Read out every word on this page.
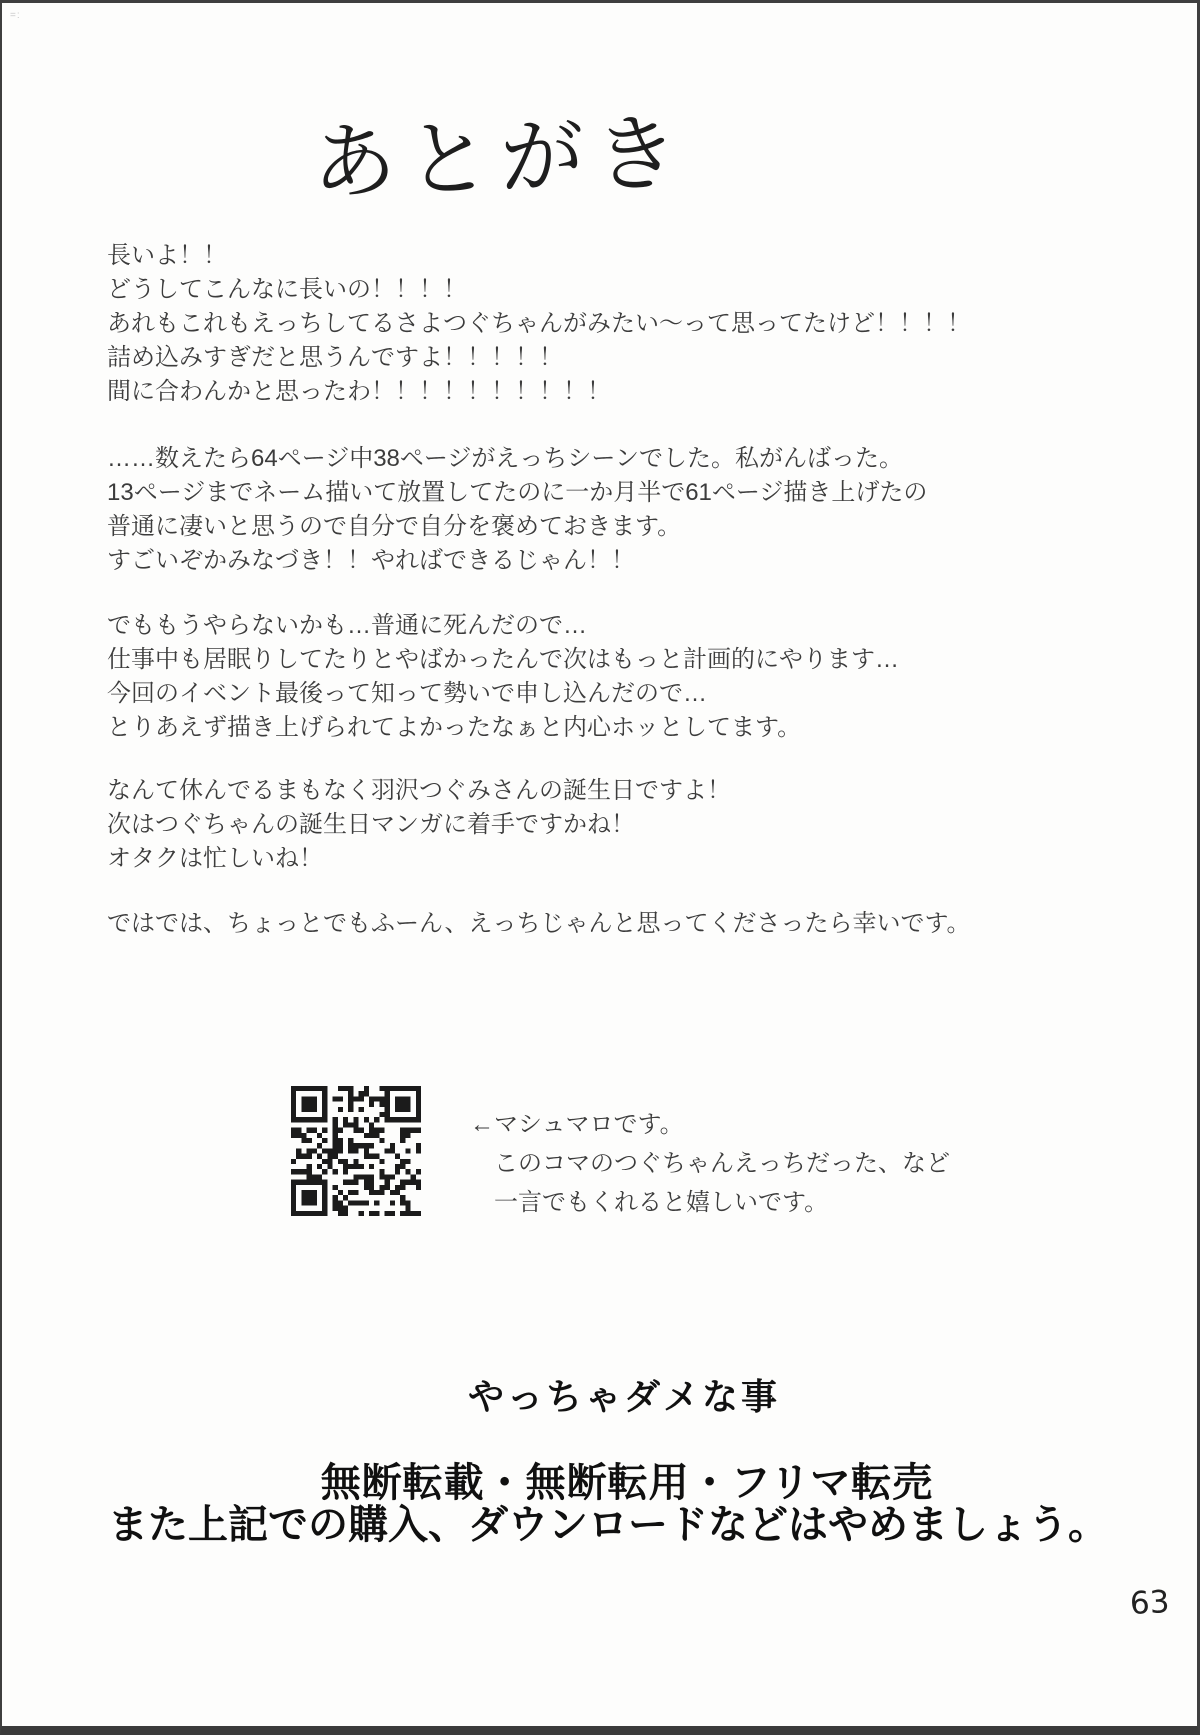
=:
あとがき
長いよ！！
どうしてこんなに長いの！！！！
あれもこれもえっちしてるさよつぐちゃんがみたい～って思ってたけど！！！！
詰め込みすぎだと思うんですよ！！！！！
間に合わんかと思ったわ！！！！！！！！！！
……数えたら64ページ中38ページがえっちシーンでした。私がんばった。
13ページまでネーム描いて放置してたのに一か月半で61ページ描き上げたの
普通に凄いと思うので自分で自分を褒めておきます。
すごいぞかみなづき！！やればできるじゃん！！
でももうやらないかも…普通に死んだので…
仕事中も居眠りしてたりとやばかったんで次はもっと計画的にやります…
今回のイベント最後って知って勢いで申し込んだので…
とりあえず描き上げられてよかったなぁと内心ホッとしてます。
なんて休んでるまもなく羽沢つぐみさんの誕生日ですよ！
次はつぐちゃんの誕生日マンガに着手ですかね！
オタクは忙しいね！
ではでは、ちょっとでもふーん、えっちじゃんと思ってくださったら幸いです。
←マシュマロです。
このコマのつぐちゃんえっちだった、など
一言でもくれると嬉しいです。
やっちゃダメな事
無断転載・無断転用・フリマ転売
また上記での購入、ダウンロードなどはやめましょう。
63
